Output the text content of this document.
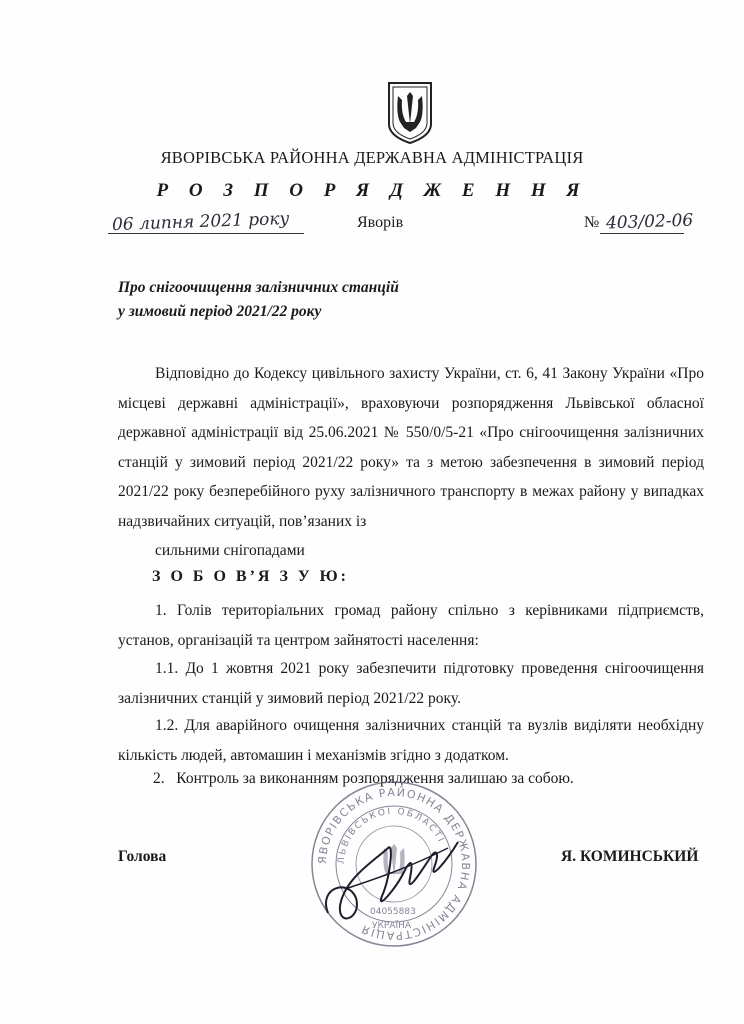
ЯВОРІВСЬКА РАЙОННА ДЕРЖАВНА АДМІНІСТРАЦІЯ
Р О З П О Р Я Д Ж Е Н Н Я
06 липня 2021 року	Яворів	№ 403/02-06
Про снігоочищення залізничних станцій
у зимовий період 2021/22 року
Відповідно до Кодексу цивільного захисту України, ст. 6, 41 Закону України «Про місцеві державні адміністрації», враховуючи розпорядження Львівської обласної державної адміністрації від 25.06.2021 № 550/0/5-21 «Про снігоочищення залізничних станцій у зимовий період 2021/22 року» та з метою забезпечення в зимовий період 2021/22 року безперебійного руху залізничного транспорту в межах району у випадках надзвичайних ситуацій, пов’язаних із
сильними снігопадами
З О Б О В’Я З У Ю:
1. Голів територіальних громад району спільно з керівниками підприємств, установ, організацій та центром зайнятості населення:
1.1. До 1 жовтня 2021 року забезпечити підготовку проведення снігоочищення залізничних станцій у зимовий період 2021/22 року.
1.2. Для аварійного очищення залізничних станцій та вузлів виділяти необхідну кількість людей, автомашин і механізмів згідно з додатком.
2.   Контроль за виконанням розпорядження залишаю за собою.
ЯВОРІВСЬКА РАЙОННА ДЕРЖАВНА АДМІНІСТРАЦІЯ
ЛЬВІВСЬКОЇ ОБЛАСТІ
04055883
УКРАЇНА
Голова	Я. КОМИНСЬКИЙ
